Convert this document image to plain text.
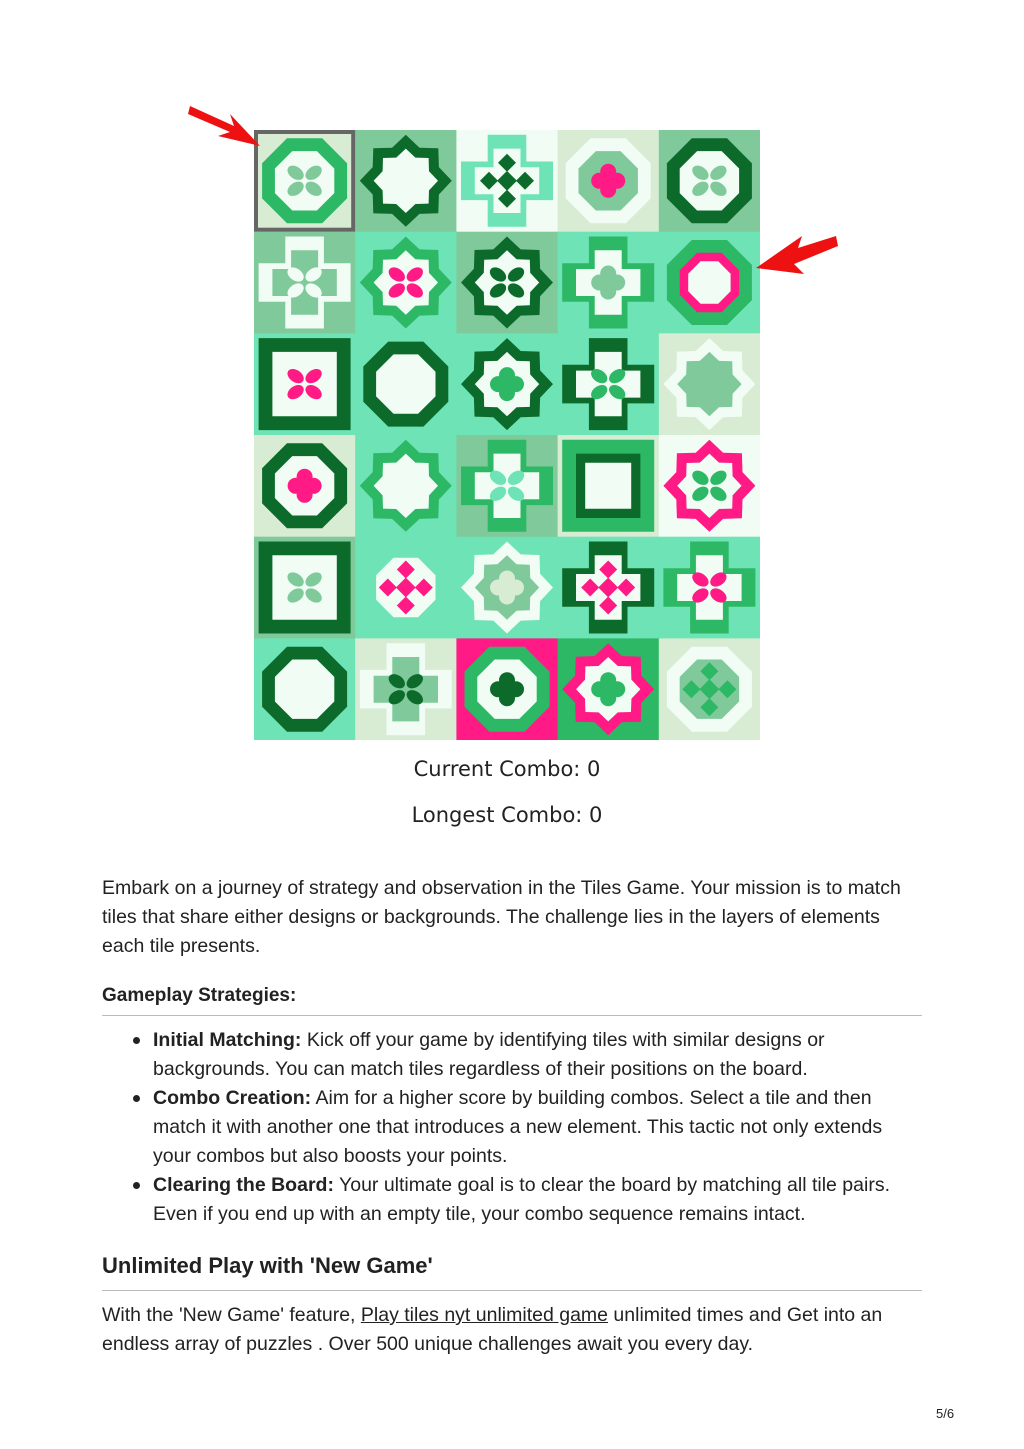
Current Combo: 0
Longest Combo: 0

Embark on a journey of strategy and observation in the Tiles Game. Your mission is to match tiles that share either designs or backgrounds. The challenge lies in the layers of elements each tile presents.

Gameplay Strategies:
Initial Matching: Kick off your game by identifying tiles with similar designs or backgrounds. You can match tiles regardless of their positions on the board.
Combo Creation: Aim for a higher score by building combos. Select a tile and then match it with another one that introduces a new element. This tactic not only extends your combos but also boosts your points.
Clearing the Board: Your ultimate goal is to clear the board by matching all tile pairs. Even if you end up with an empty tile, your combo sequence remains intact.
Unlimited Play with 'New Game'

With the 'New Game' feature, Play tiles nyt unlimited game unlimited times and Get into an endless array of puzzles . Over 500 unique challenges await you every day.

5/6
